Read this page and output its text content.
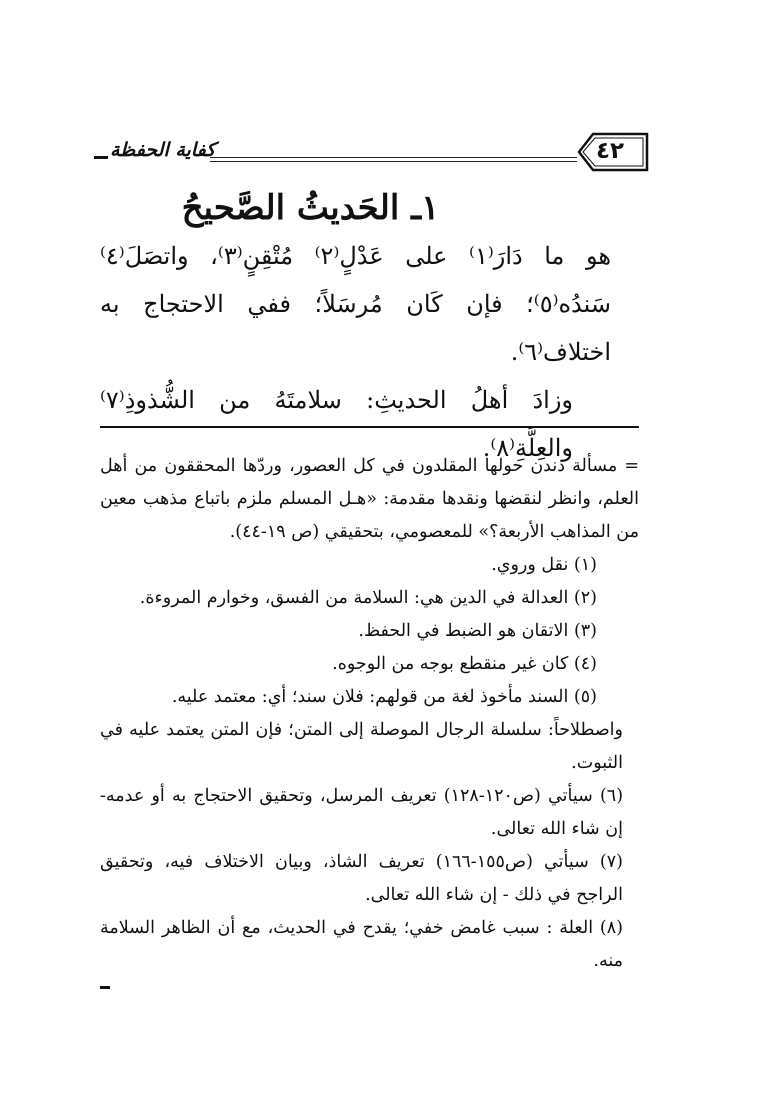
٤٢
كفاية الحفظة
١ـ الحَديثُ الصَّحيحُ

هو ما دَارَ⁽١⁾ على عَدْلٍ⁽٢⁾ مُتْقِنٍ⁽٣⁾، واتصَلَ⁽٤⁾ سَندُه⁽٥⁾؛ فإن كَان مُرسَلاً؛ ففي الاحتجاج به اختلاف⁽٦⁾.

وزادَ أهلُ الحديثِ: سلامتَهُ من الشُّذوذِ⁽٧⁾ والعِلَّةِ⁽٨⁾.

= مسألة دندن حولها المقلدون في كل العصور، وردّها المحققون من أهل العلم، وانظر لنقضها ونقدها مقدمة: «هـل المسلم ملزم باتباع مذهب معين من المذاهب الأربعة؟» للمعصومي، بتحقيقي (ص ١٩-٤٤).

(١) نقل وروي.

(٢) العدالة في الدين هي: السلامة من الفسق، وخوارم المروءة.

(٣) الاتقان هو الضبط في الحفظ.

(٤) كان غير منقطع بوجه من الوجوه.

(٥) السند مأخوذ لغة من قولهم: فلان سند؛ أي: معتمد عليه.

واصطلاحاً: سلسلة الرجال الموصلة إلى المتن؛ فإن المتن يعتمد عليه في الثبوت.

(٦) سيأتي (ص١٢٠-١٢٨) تعريف المرسل، وتحقيق الاحتجاج به أو عدمه-إن شاء الله تعالى.

(٧) سيأتي (ص١٥٥-١٦٦) تعريف الشاذ، وبيان الاختلاف فيه، وتحقيق الراجح في ذلك - إن شاء الله تعالى.

(٨) العلة : سبب غامض خفي؛ يقدح في الحديث، مع أن الظاهر السلامة منه.
